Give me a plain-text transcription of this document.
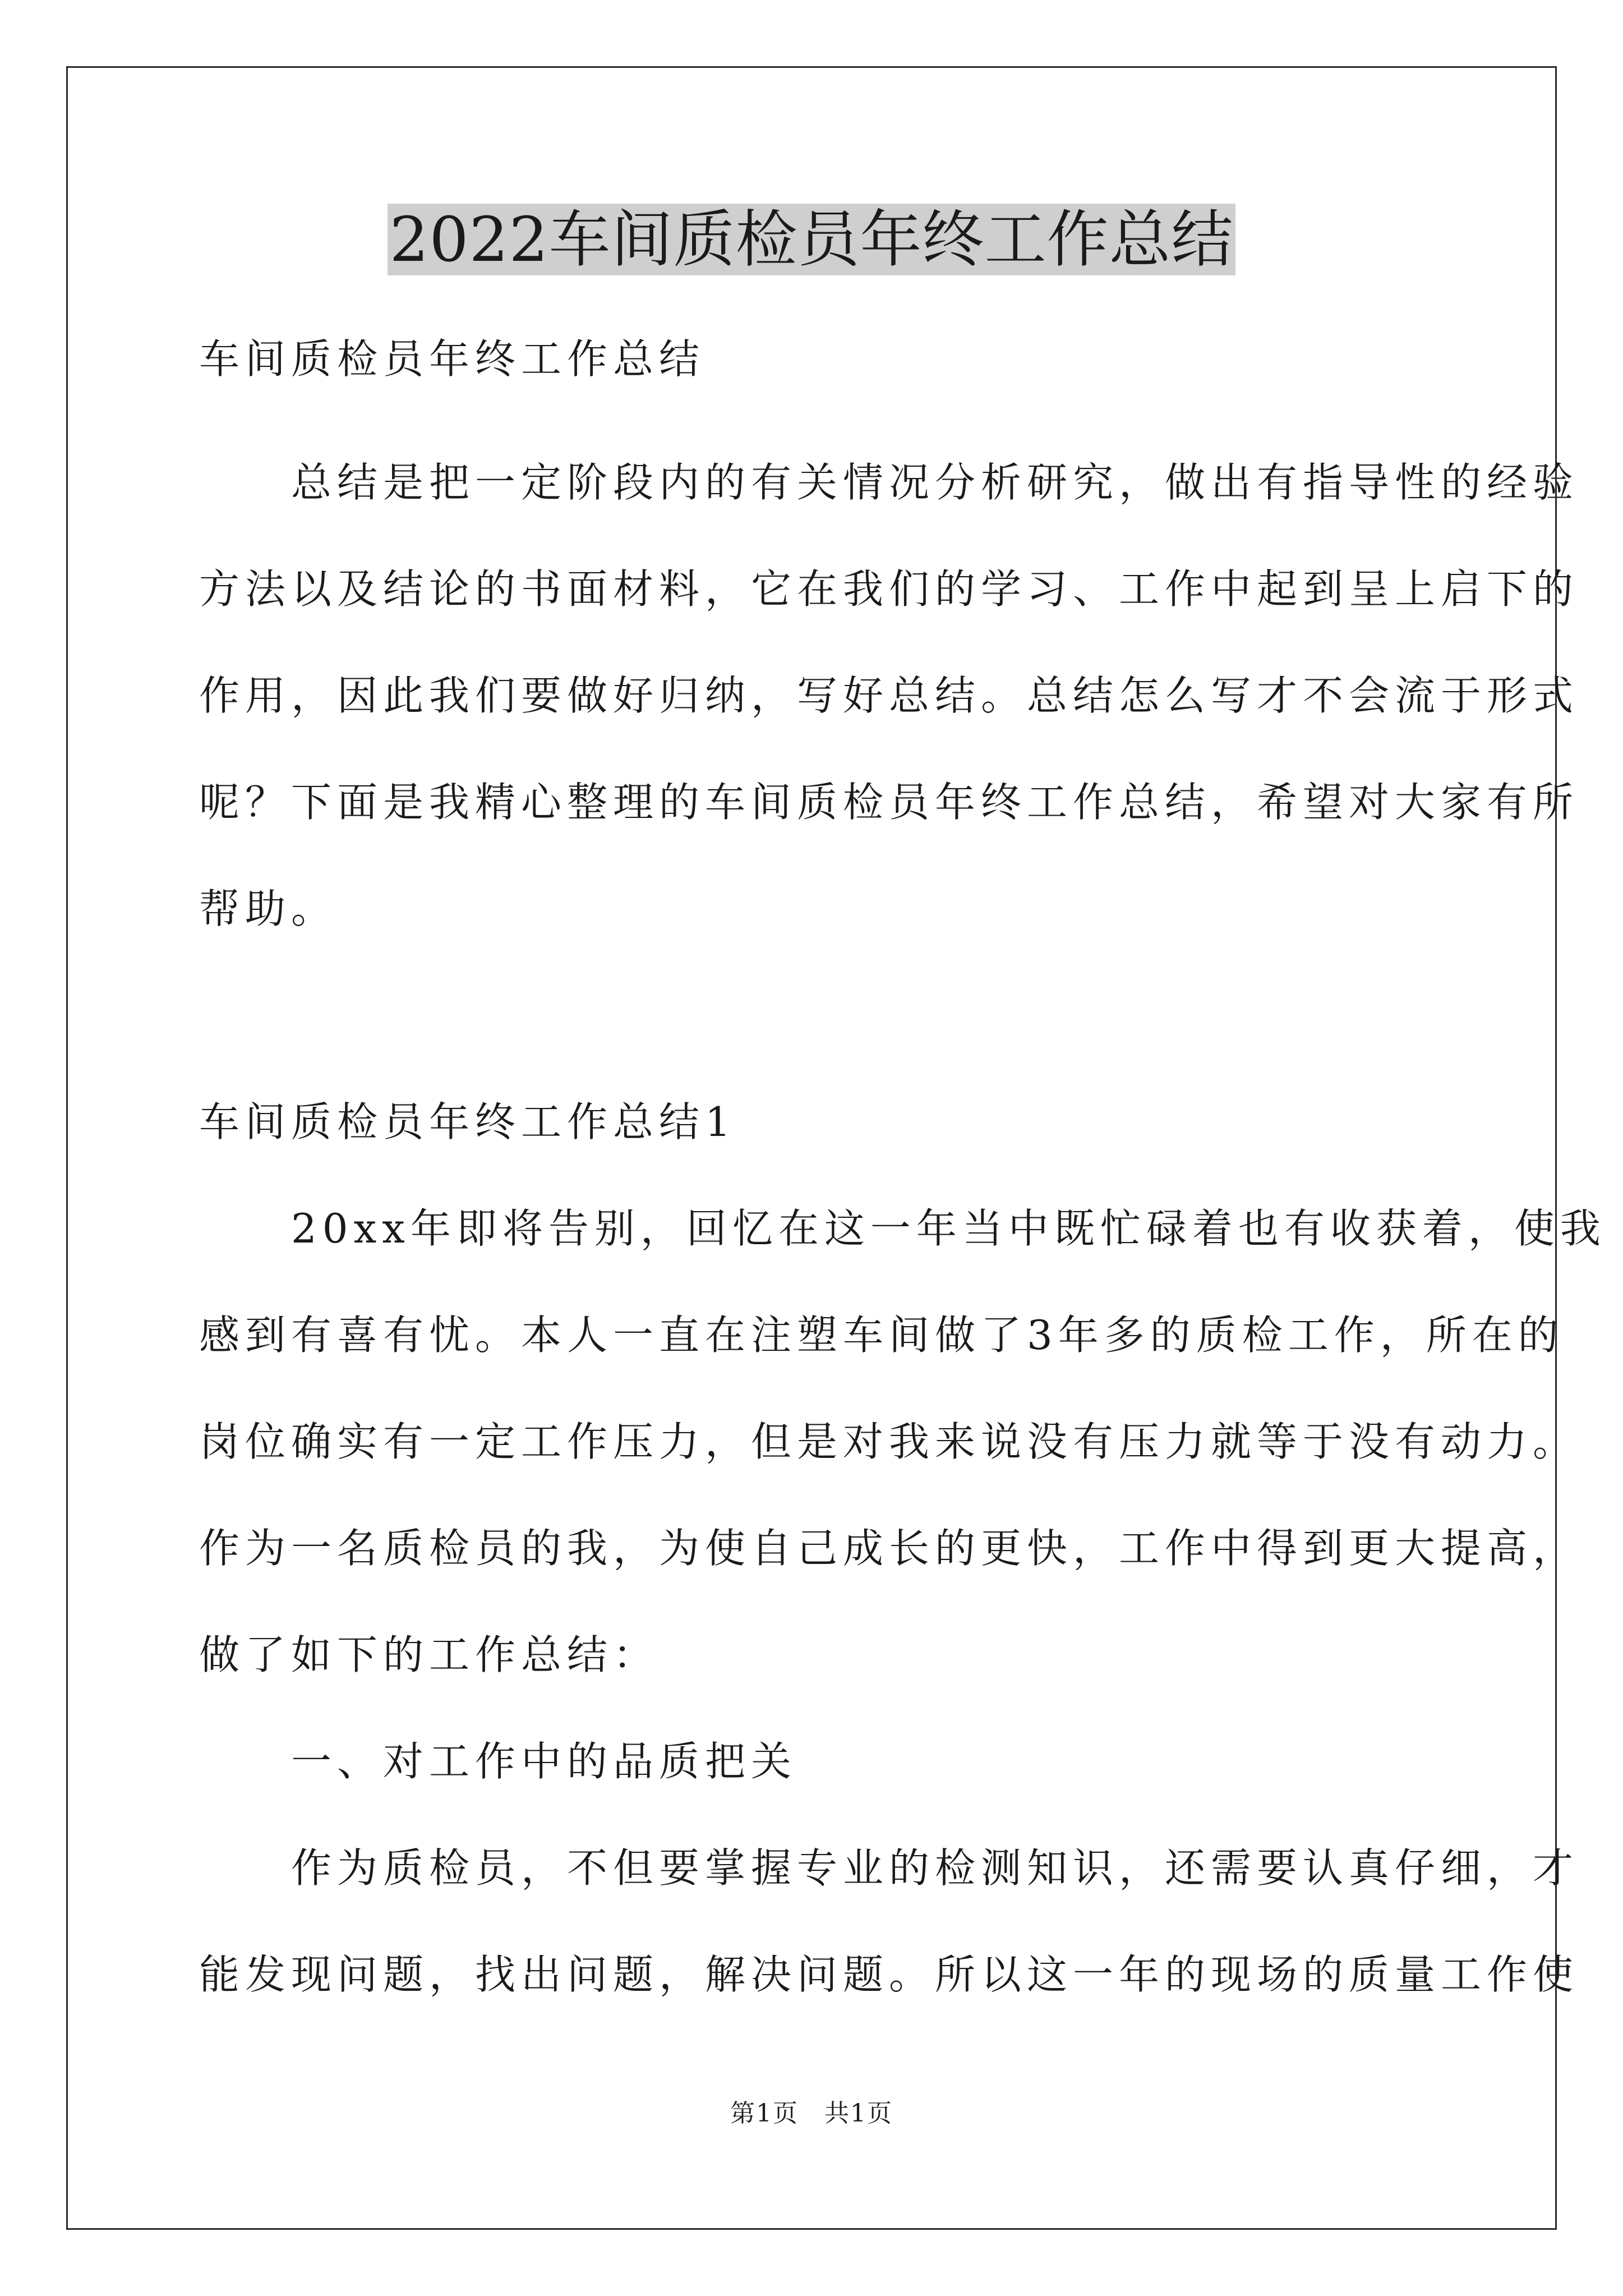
2022车间质检员年终工作总结
车间质检员年终工作总结
　　总结是把一定阶段内的有关情况分析研究，做出有指导性的经验
方法以及结论的书面材料，它在我们的学习、工作中起到呈上启下的
作用，因此我们要做好归纳，写好总结。总结怎么写才不会流于形式
呢？下面是我精心整理的车间质检员年终工作总结，希望对大家有所
帮助。
车间质检员年终工作总结1
　　20xx年即将告别，回忆在这一年当中既忙碌着也有收获着，使我
感到有喜有忧。本人一直在注塑车间做了3年多的质检工作，所在的
岗位确实有一定工作压力，但是对我来说没有压力就等于没有动力。
作为一名质检员的我，为使自己成长的更快，工作中得到更大提高，
做了如下的工作总结：
　　一、对工作中的品质把关
　　作为质检员，不但要掌握专业的检测知识，还需要认真仔细，才
能发现问题，找出问题，解决问题。所以这一年的现场的质量工作使
第1页　共1页
